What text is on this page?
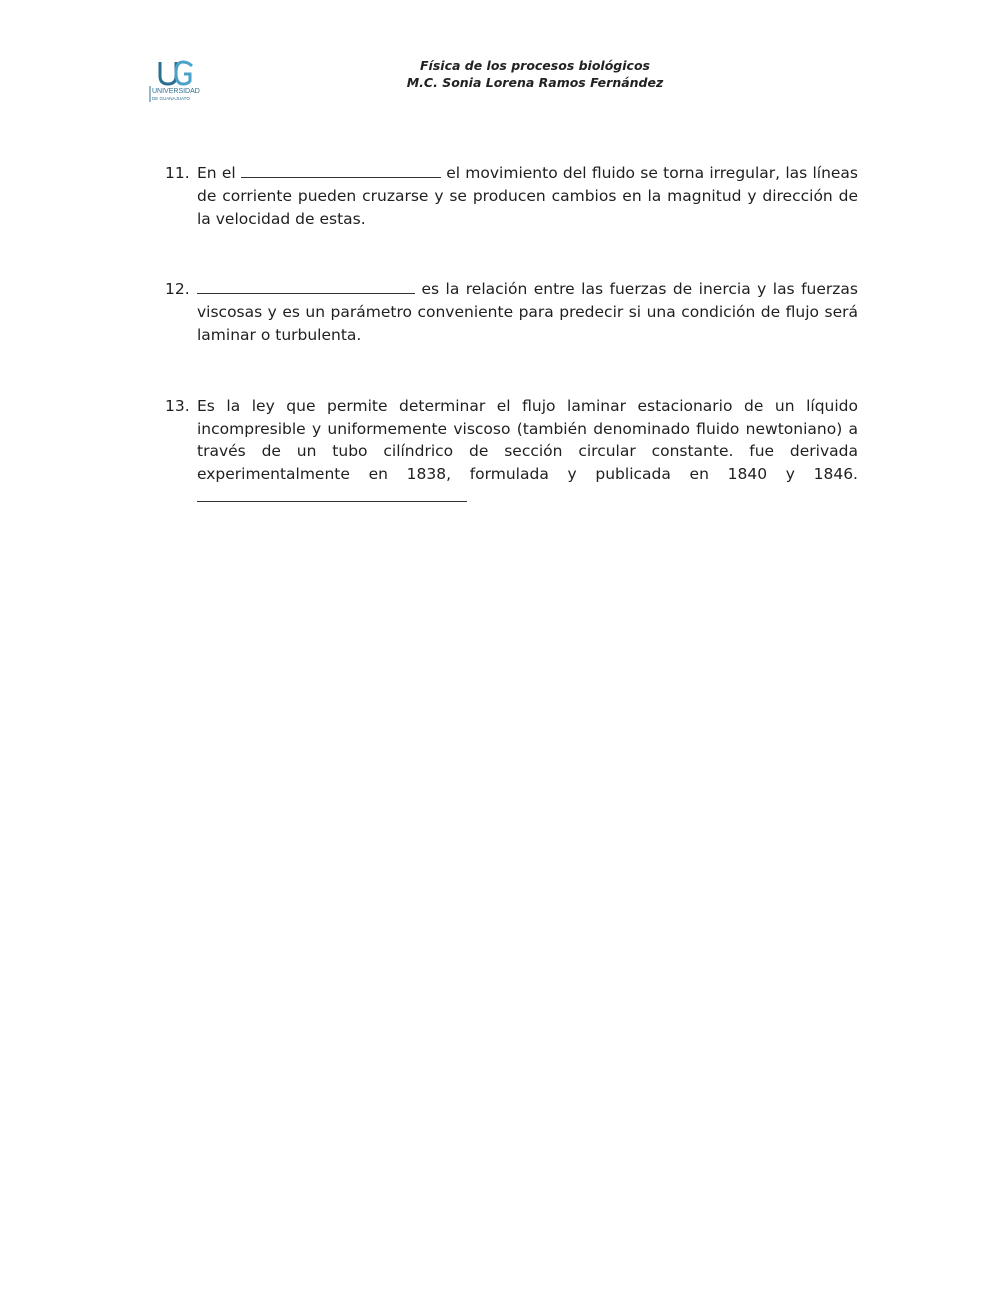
UNIVERSIDAD
DE GUANAJUATO
Física de los procesos biológicos
M.C. Sonia Lorena Ramos Fernández
11. En el	el movimiento del fluido se torna irregular, las líneas de corriente pueden cruzarse y se producen cambios en la magnitud y dirección de la velocidad de estas.
12.	es la relación entre las fuerzas de inercia y las fuerzas viscosas y es un parámetro conveniente para predecir si una condición de flujo será laminar o turbulenta.
13. Es la ley que permite determinar el flujo laminar estacionario de un líquido incompresible y uniformemente viscoso (también denominado fluido newtoniano) a través de un tubo cilíndrico de sección circular constante. fue derivada experimentalmente en 1838, formulada y publicada en 1840 y 1846.
